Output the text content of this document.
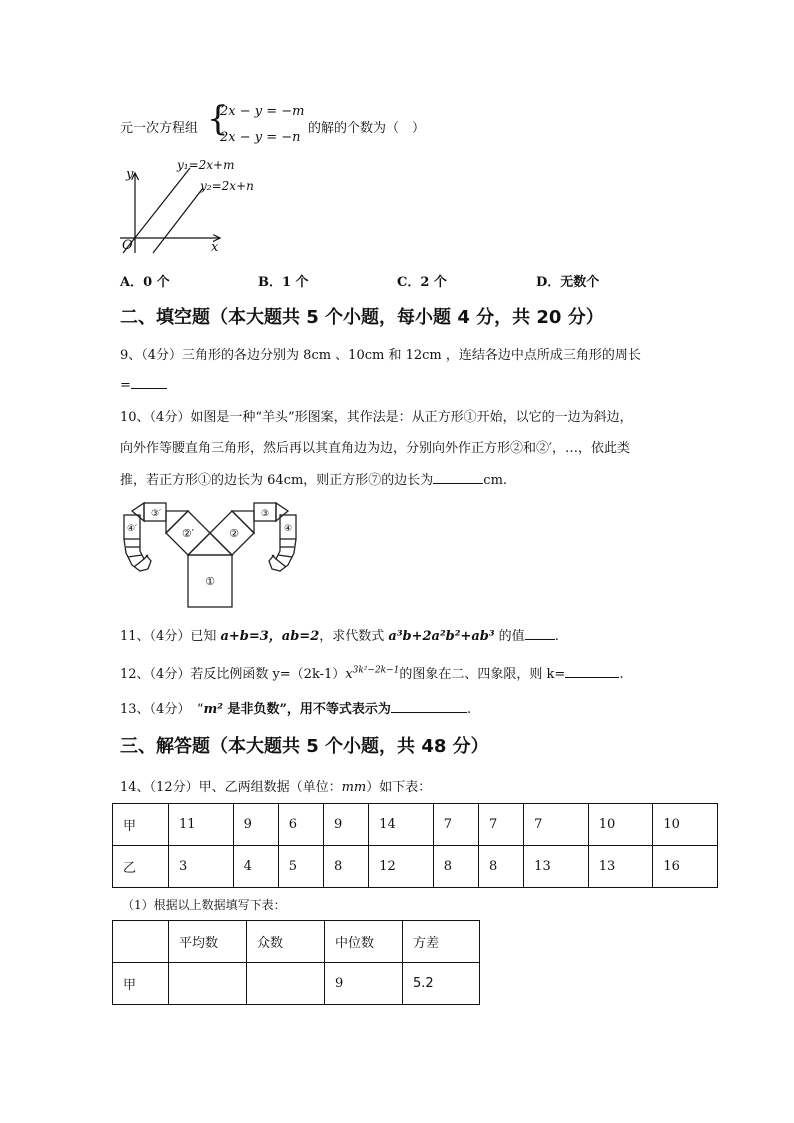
元一次方程组 {
2x − y = −m
2x − y = −n
的解的个数为（　）
y
x
O
y₁=2x+m
y₂=2x+n
A．0 个	B．1 个	C．2 个	D．无数个
二、填空题（本大题共 5 个小题，每小题 4 分，共 20 分）
9、（4分）三角形的各边分别为 8cm 、10cm 和 12cm ，连结各边中点所成三角形的周长
=
10、（4分）如图是一种“羊头”形图案，其作法是：从正方形①开始，以它的一边为斜边，
向外作等腰直角三角形，然后再以其直角边为边，分别向外作正方形②和②′，…，依此类
推，若正方形①的边长为 64cm，则正方形⑦的边长为	cm.
①
②′	②
③′	③
④′	④
11、（4分）已知 a+b=3，ab=2，求代数式 a³b+2a²b²+ab³ 的值 .
12、（4分）若反比例函数 $y=(2k-1)x^{3k^2-2k-1}$的图象在二、四象限，则 k=	.
13、（4分）　“m² 是非负数”，用不等式表示为	.
三、解答题（本大题共 5 个小题，共 48 分）
14、（12分）甲、乙两组数据（单位：mm）如下表：
甲	11	9	6	9	14	7	7	7	10	10
乙	3	4	5	8	12	8	8	13	13	16
（1）根据以上数据填写下表：
	平均数	众数	中位数	方差
甲			9	5.2
